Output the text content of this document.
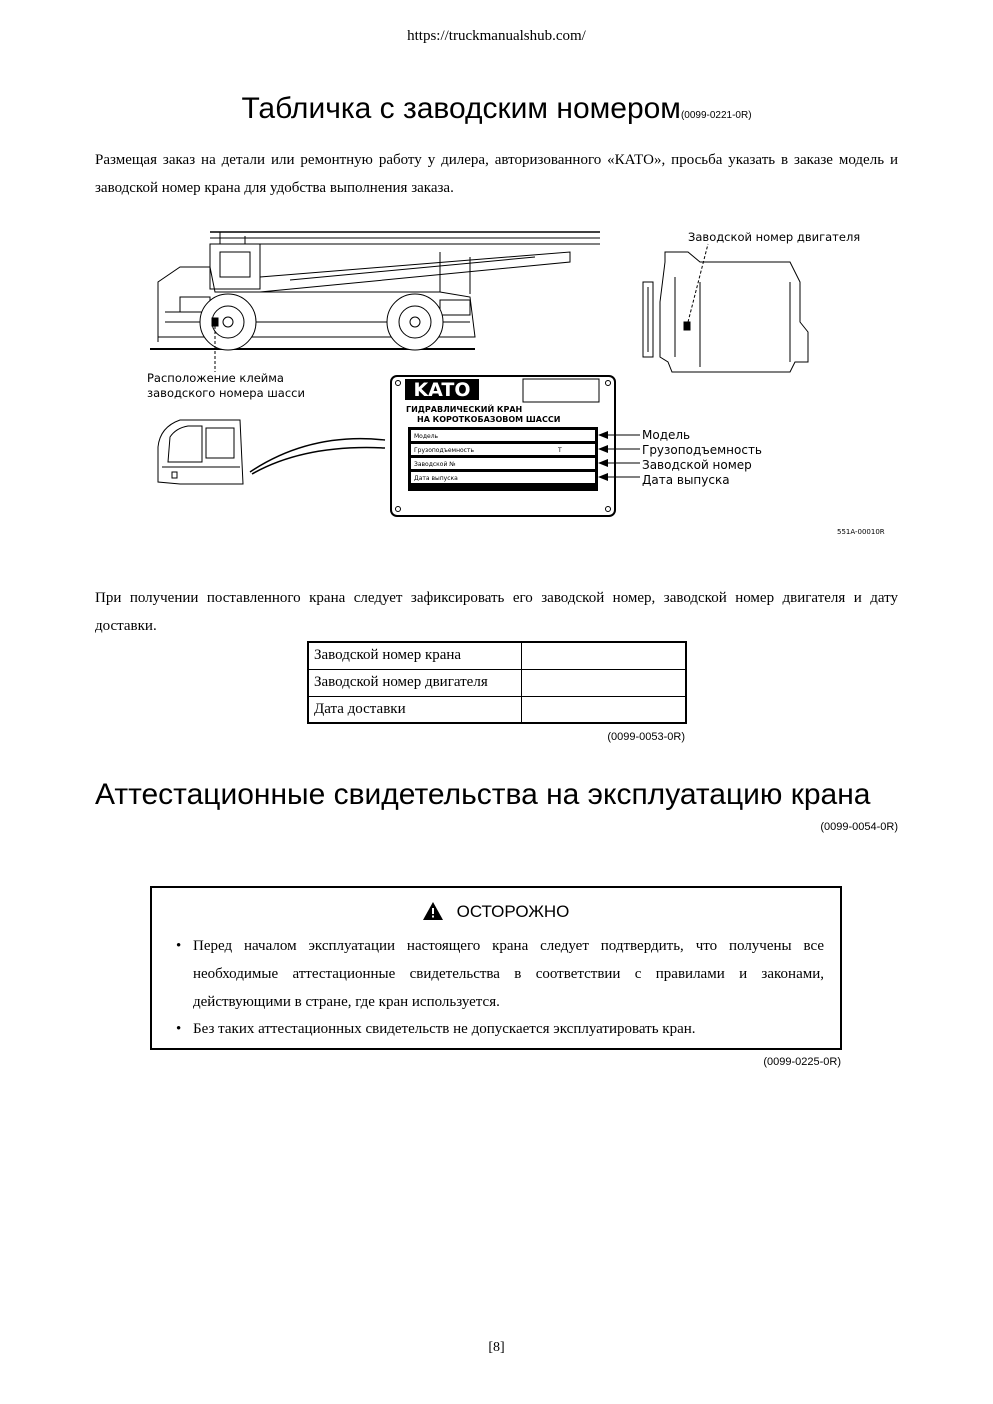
https://truckmanualshub.com/
Табличка с заводским номером(0099-0221-0R)
Размещая заказ на детали или ремонтную работу у дилера, авторизованного «КАТО», просьба указать в заказе модель и заводской номер крана для удобства выполнения заказа.
Расположение клейма
заводского номера шасси
Заводской номер двигателя
KATO
ГИДРАВЛИЧЕСКИЙ КРАН
НА КОРОТКОБАЗОВОМ ШАССИ
Модель
Грузоподъемность	T
Заводской №
Дата выпуска
КАТО ВОРКС КО., ЛТД.
ТОКИО
Модель
Грузоподъемность
Заводской номер
Дата выпуска
551A-00010R
При получении поставленного крана следует зафиксировать его заводской номер, заводской номер двигателя и дату доставки.
Заводской номер крана	
Заводской номер двигателя	
Дата доставки	
(0099-0053-0R)
Аттестационные свидетельства на эксплуатацию крана
(0099-0054-0R)
ОСТОРОЖНО
• Перед началом эксплуатации настоящего крана следует подтвердить, что получены все необходимые аттестационные свидетельства в соответствии с правилами и законами, действующими в стране, где кран используется.
• Без таких аттестационных свидетельств не допускается эксплуатировать кран.
(0099-0225-0R)
[8]
